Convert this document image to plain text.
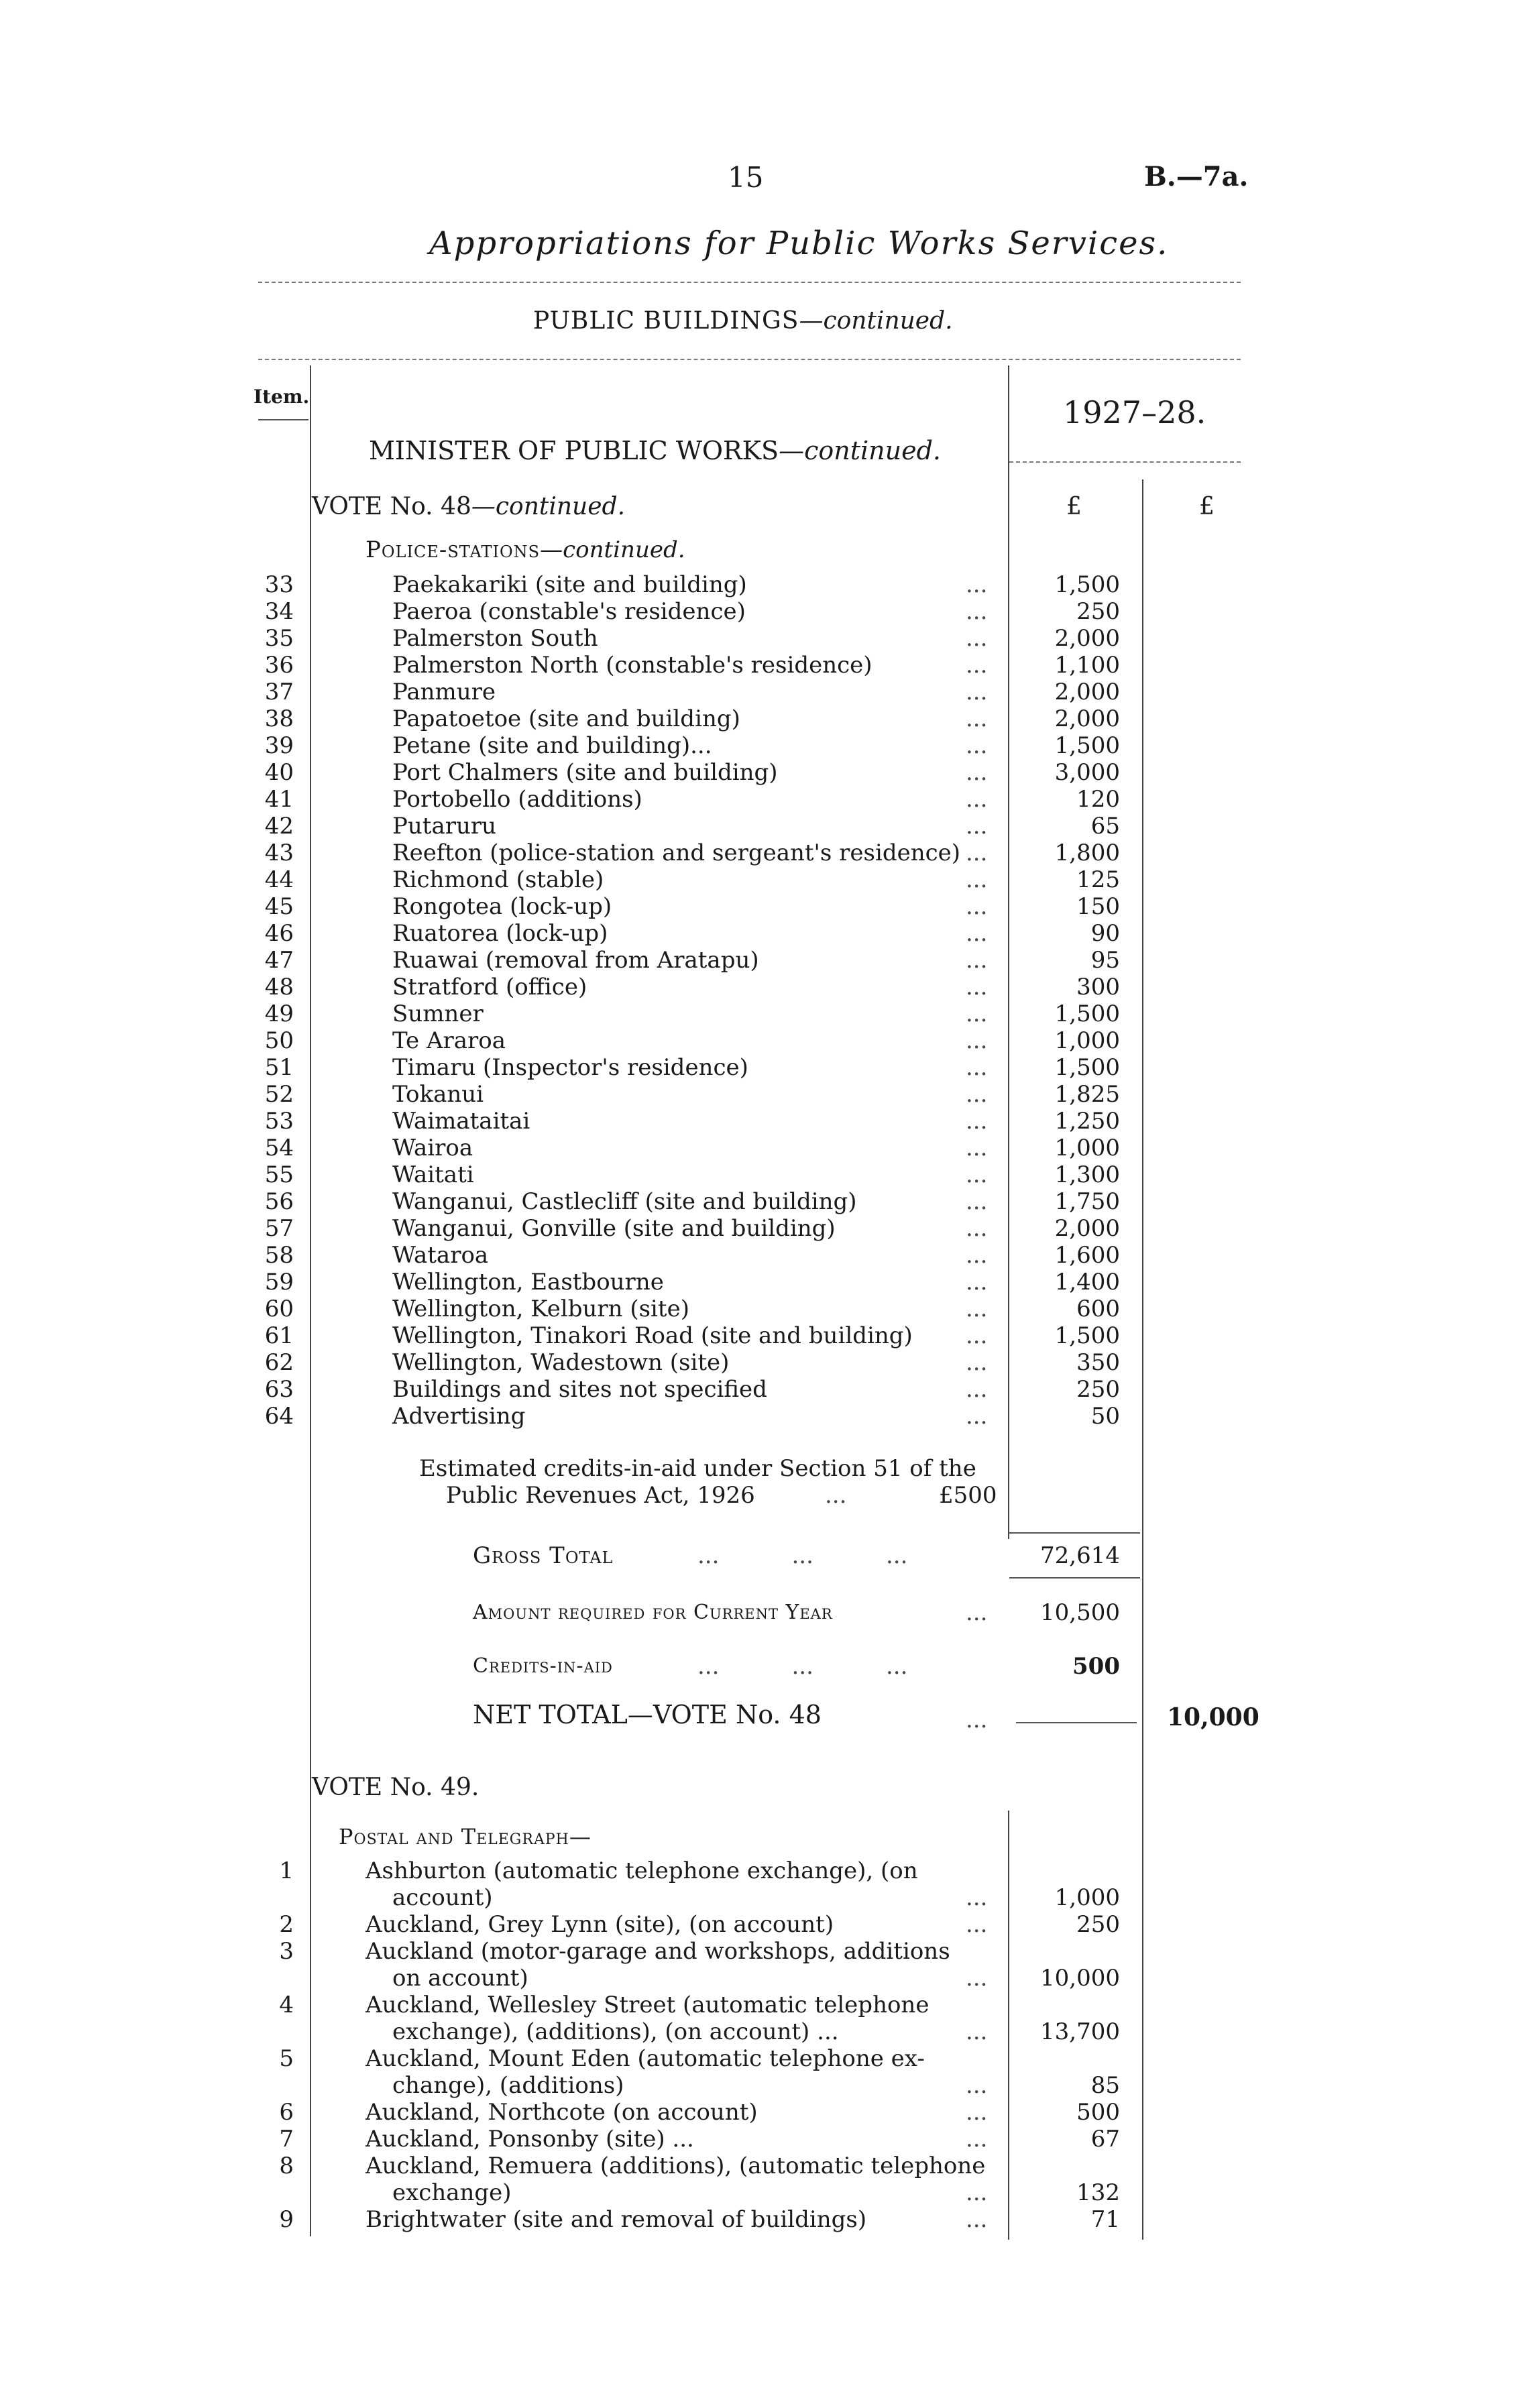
15	B.—7a.
Appropriations for Public Works Services.
PUBLIC BUILDINGS—continued.
Item.	1927–28.
MINISTER OF PUBLIC WORKS—continued.
VOTE No. 48—continued.	£	£
Police-stations—continued.
33	Paekakariki (site and building)	...	1,500
34	Paeroa (constable's residence)	...	250
35	Palmerston South	...	2,000
36	Palmerston North (constable's residence)	...	1,100
37	Panmure	...	2,000
38	Papatoetoe (site and building)	...	2,000
39	Petane (site and building)...	...	1,500
40	Port Chalmers (site and building)	...	3,000
41	Portobello (additions)	...	120
42	Putaruru	...	65
43	Reefton (police-station and sergeant's residence) ...	1,800
44	Richmond (stable)	...	125
45	Rongotea (lock-up)	...	150
46	Ruatorea (lock-up)	...	90
47	Ruawai (removal from Aratapu)	...	95
48	Stratford (office)	...	300
49	Sumner	...	1,500
50	Te Araroa	...	1,000
51	Timaru (Inspector's residence)	...	1,500
52	Tokanui	...	1,825
53	Waimataitai	...	1,250
54	Wairoa	...	1,000
55	Waitati	...	1,300
56	Wanganui, Castlecliff (site and building)	...	1,750
57	Wanganui, Gonville (site and building)	...	2,000
58	Wataroa	...	1,600
59	Wellington, Eastbourne	...	1,400
60	Wellington, Kelburn (site)	...	600
61	Wellington, Tinakori Road (site and building) ...	1,500
62	Wellington, Wadestown (site)	...	350
63	Buildings and sites not specified	...	250
64	Advertising	...	50
Estimated credits-in-aid under Section 51 of the
Public Revenues Act, 1926	...	£500
Gross Total	...          ...          ...	72,614
Amount required for Current Year	...	10,500
Credits-in-aid	...          ...          ...	500
NET TOTAL—VOTE No. 48	...	10,000
VOTE No. 49.
Postal and Telegraph—
1	Ashburton (automatic telephone exchange), (on
account)	...	1,000
2	Auckland, Grey Lynn (site), (on account)	...	250
3	Auckland (motor-garage and workshops, additions
on account)	...	10,000
4	Auckland, Wellesley Street (automatic telephone
exchange), (additions), (on account) ...	...	13,700
5	Auckland, Mount Eden (automatic telephone ex-
change), (additions)	...	85
6	Auckland, Northcote (on account)	...	500
7	Auckland, Ponsonby (site) ...	...	67
8	Auckland, Remuera (additions), (automatic telephone
exchange)	...	132
9	Brightwater (site and removal of buildings)	...	71
